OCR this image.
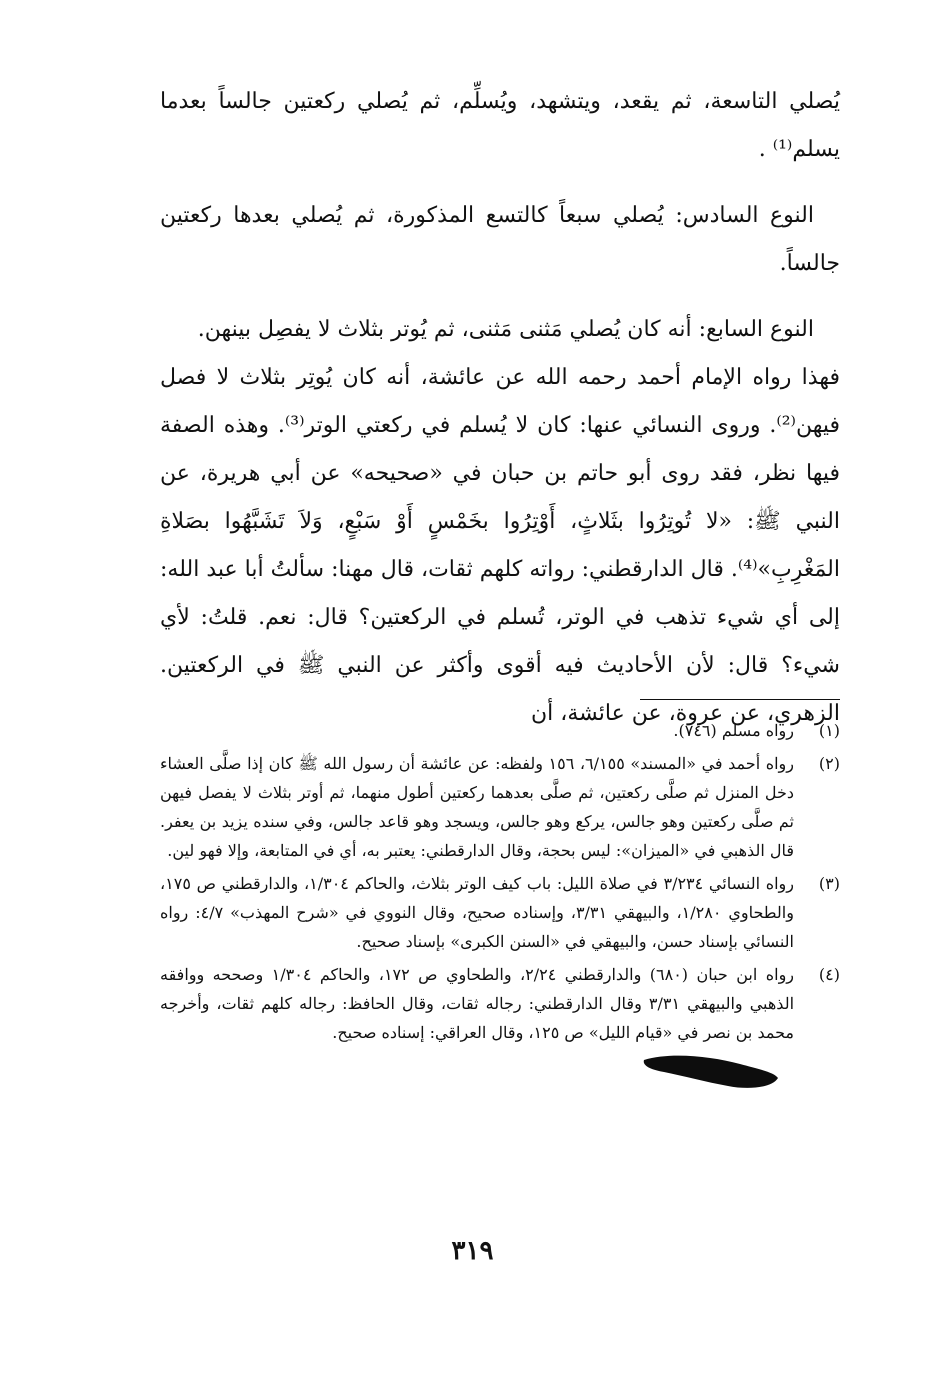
يُصلي التاسعة، ثم يقعد، ويتشهد، ويُسلِّم، ثم يُصلي ركعتين جالساً بعدما يسلم⁽¹⁾ .

النوع السادس: يُصلي سبعاً كالتسع المذكورة، ثم يُصلي بعدها ركعتين جالساً.

النوع السابع: أنه كان يُصلي مَثنى مَثنى، ثم يُوتر بثلاث لا يفصِل بينهن.

فهذا رواه الإمام أحمد رحمه الله عن عائشة، أنه كان يُوتِر بثلاث لا فصل فيهن⁽²⁾. وروى النسائي عنها: كان لا يُسلم في ركعتي الوتر⁽³⁾. وهذه الصفة فيها نظر، فقد روى أبو حاتم بن حبان في «صحيحه» عن أبي هريرة، عن النبي ﷺ: «لا تُوتِرُوا بثَلاثٍ، أَوْتِرُوا بخَمْسٍ أَوْ سَبْعٍ، وَلاَ تَشَبَّهُوا بصَلاةِ المَغْرِبِ»⁽⁴⁾. قال الدارقطني: رواته كلهم ثقات، قال مهنا: سألتُ أبا عبد الله: إلى أي شيء تذهب في الوتر، تُسلم في الركعتين؟ قال: نعم. قلتُ: لأي شيء؟ قال: لأن الأحاديث فيه أقوى وأكثر عن النبي ﷺ في الركعتين. الزهري، عن عروة، عن عائشة، أن

(١)
رواه مسلم (٧٤٦).
(٢)
رواه أحمد في «المسند» ٦/١٥٥، ١٥٦ ولفظه: عن عائشة أن رسول الله ﷺ كان إذا صلَّى العشاء دخل المنزل ثم صلَّى ركعتين، ثم صلَّى بعدهما ركعتين أطول منهما، ثم أوتر بثلاث لا يفصل فيهن ثم صلَّى ركعتين وهو جالس، يركع وهو جالس، ويسجد وهو قاعد جالس، وفي سنده يزيد بن يعفر. قال الذهبي في «الميزان»: ليس بحجة، وقال الدارقطني: يعتبر به، أي في المتابعة، وإلا فهو لين.
(٣)
رواه النسائي ٣/٢٣٤ في صلاة الليل: باب كيف الوتر بثلاث، والحاكم ١/٣٠٤، والدارقطني ص ١٧٥، والطحاوي ١/٢٨٠، والبيهقي ٣/٣١، وإسناده صحيح، وقال النووي في «شرح المهذب» ٤/٧: رواه النسائي بإسناد حسن، والبيهقي في «السنن الكبرى» بإسناد صحيح.
(٤)
رواه ابن حبان (٦٨٠) والدارقطني ٢/٢٤، والطحاوي ص ١٧٢، والحاكم ١/٣٠٤ وصححه ووافقه الذهبي والبيهقي ٣/٣١ وقال الدارقطني: رجاله ثقات، وقال الحافظ: رجاله كلهم ثقات، وأخرجه محمد بن نصر في «قيام الليل» ص ١٢٥، وقال العراقي: إسناده صحيح.
٣١٩
